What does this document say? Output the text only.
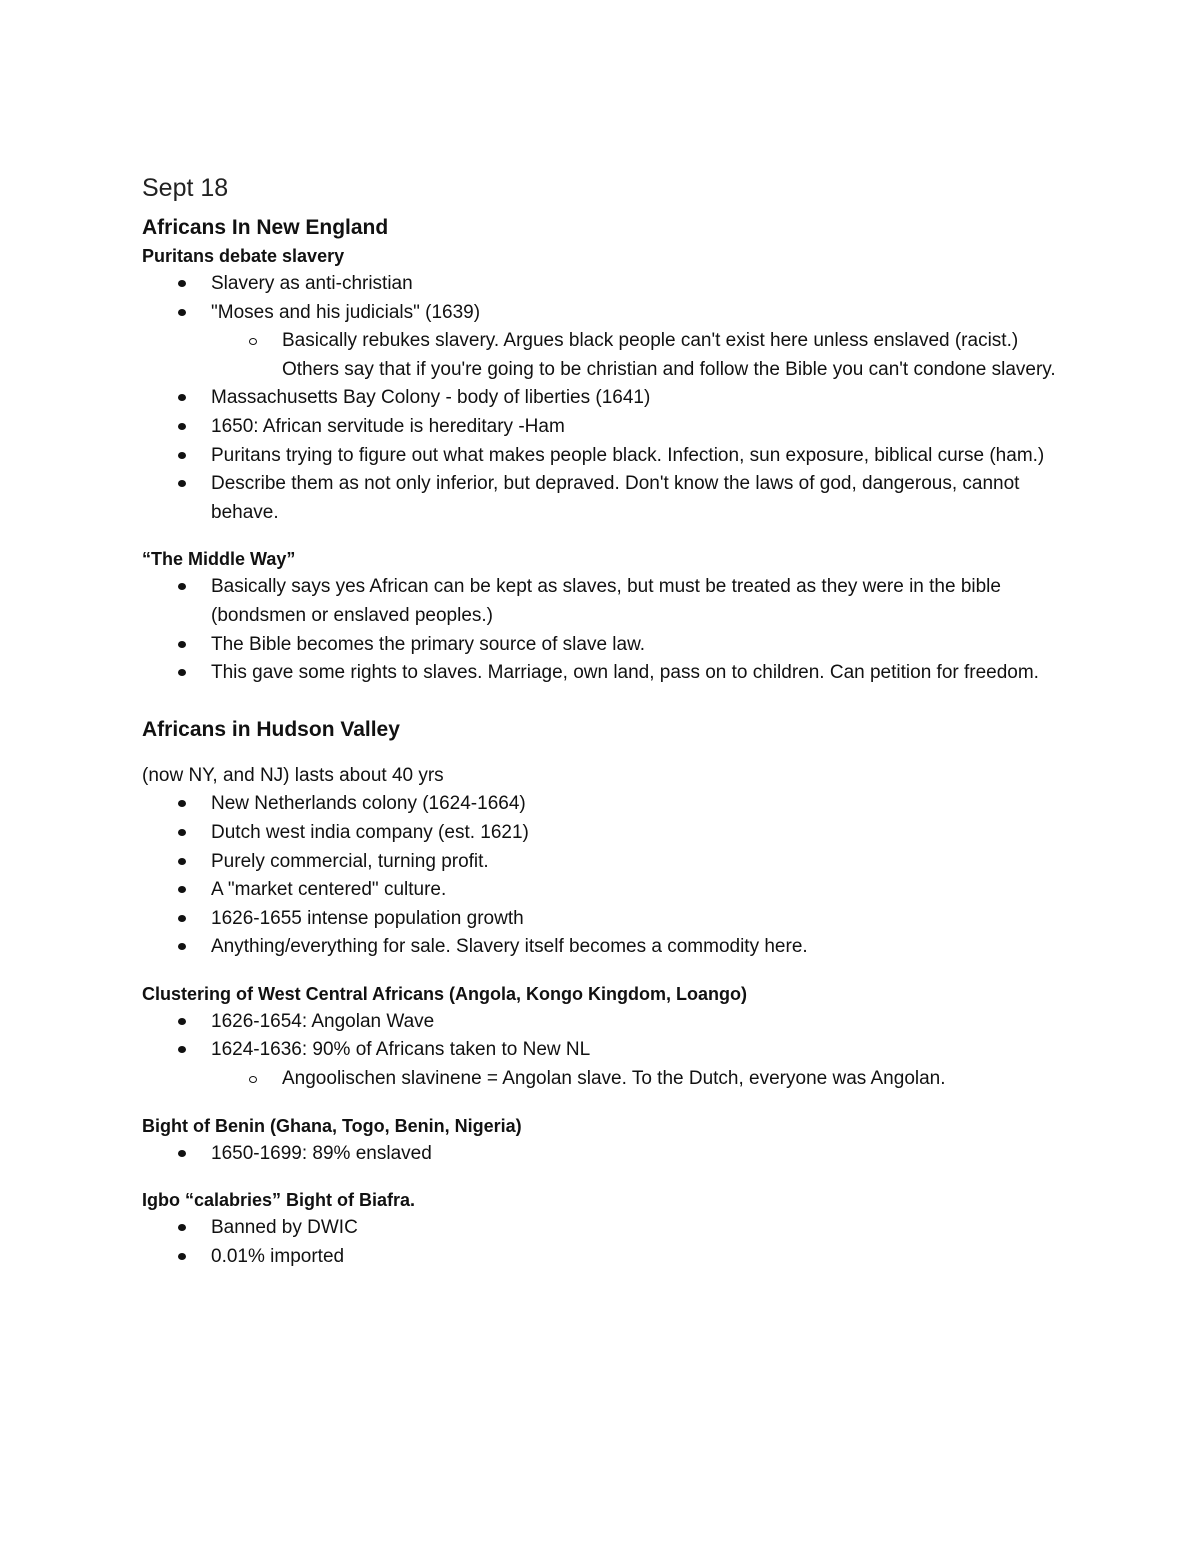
Sept 18
Africans In New England
Puritans debate slavery
Slavery as anti-christian
"Moses and his judicials" (1639)
Basically rebukes slavery. Argues black people can't exist here unless enslaved (racist.) Others say that if you're going to be christian and follow the Bible you can't condone slavery.
Massachusetts Bay Colony - body of liberties (1641)
1650: African servitude is hereditary -Ham
Puritans trying to figure out what makes people black. Infection, sun exposure, biblical curse (ham.)
Describe them as not only inferior, but depraved. Don't know the laws of god, dangerous, cannot behave.
“The Middle Way”
Basically says yes African can be kept as slaves, but must be treated as they were in the bible (bondsmen or enslaved peoples.)
The Bible becomes the primary source of slave law.
This gave some rights to slaves. Marriage, own land, pass on to children. Can petition for freedom.
Africans in Hudson Valley

(now NY, and NJ) lasts about 40 yrs

New Netherlands colony (1624-1664)
Dutch west india company (est. 1621)
Purely commercial, turning profit.
A "market centered" culture.
1626-1655 intense population growth
Anything/everything for sale. Slavery itself becomes a commodity here.
Clustering of West Central Africans (Angola, Kongo Kingdom, Loango)
1626-1654: Angolan Wave
1624-1636: 90% of Africans taken to New NL
Angoolischen slavinene = Angolan slave. To the Dutch, everyone was Angolan.
Bight of Benin (Ghana, Togo, Benin, Nigeria)
1650-1699: 89% enslaved
Igbo “calabries” Bight of Biafra.
Banned by DWIC
0.01% imported
